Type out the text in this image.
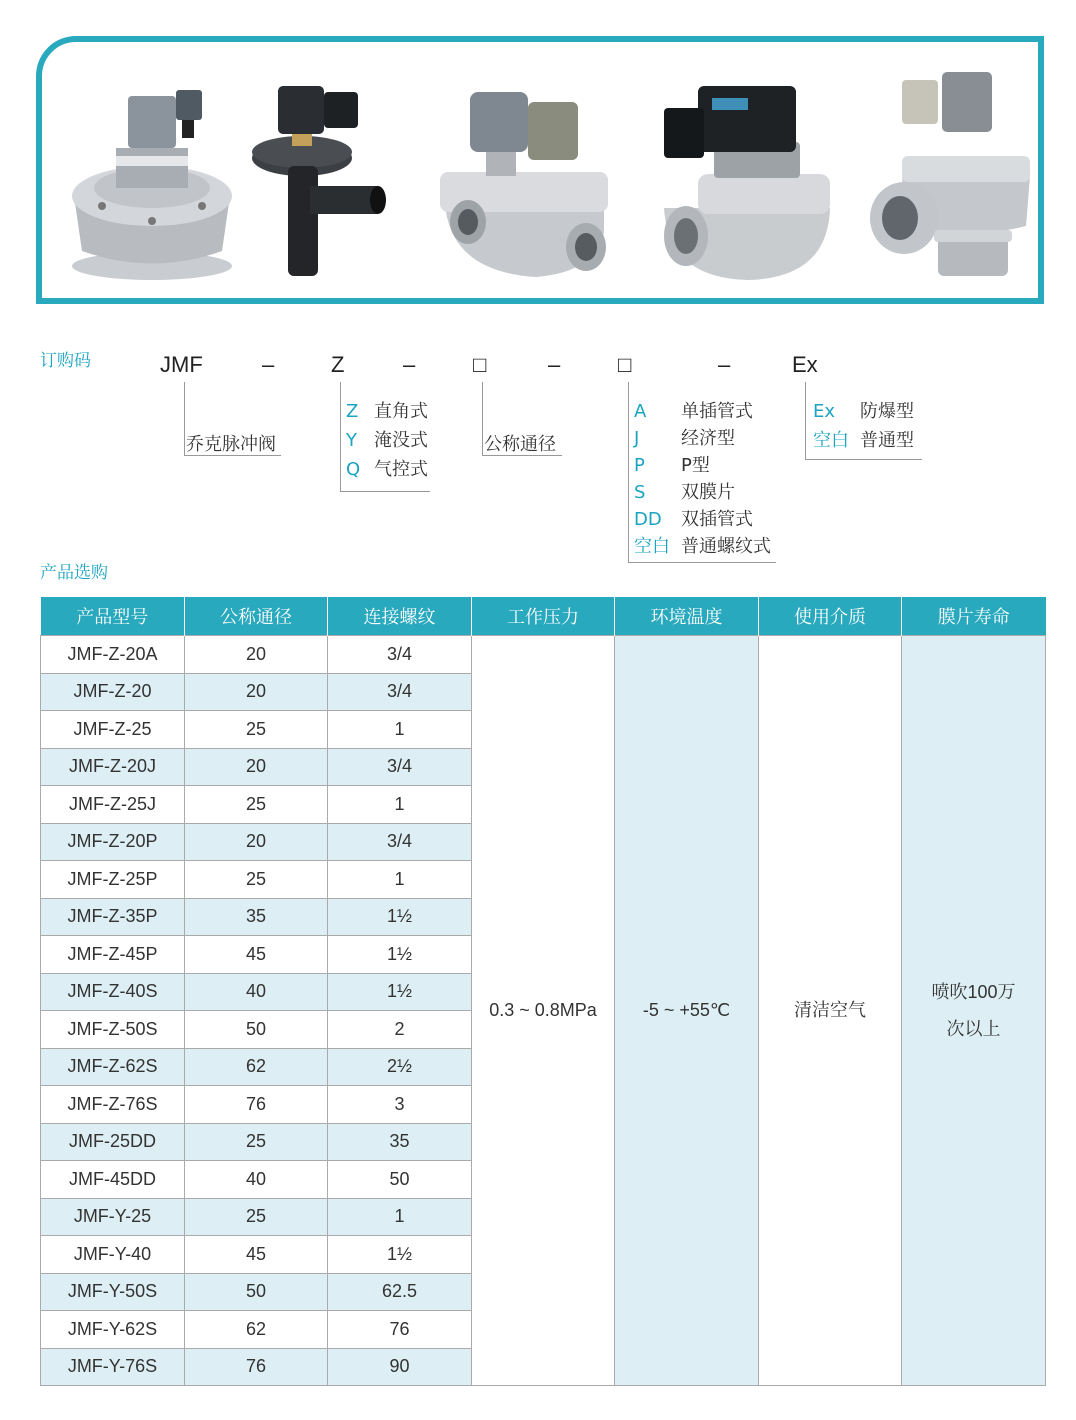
订购码	JMF	–	Z	–	□	–	□	–	Ex
乔克脉冲阀	公称通径
Z 直角式
Y 淹没式
Q 气控式
A 单插管式
J 经济型
P P型
S 双膜片
DD 双插管式
空白 普通螺纹式
Ex 防爆型
空白 普通型
产品选购
产品型号	公称通径	连接螺纹	工作压力	环境温度	使用介质	膜片寿命
JMF-Z-20A	20	3/4	0.3 ~ 0.8MPa	-5 ~ +55℃	清洁空气	喷吹100万
次以上

JMF-Z-20	20	3/4				
JMF-Z-25	25	1				
JMF-Z-20J	20	3/4				
JMF-Z-25J	25	1				
JMF-Z-20P	20	3/4				
JMF-Z-25P	25	1				
JMF-Z-35P	35	1½				
JMF-Z-45P	45	1½				
JMF-Z-40S	40	1½				
JMF-Z-50S	50	2				
JMF-Z-62S	62	2½				
JMF-Z-76S	76	3				
JMF-25DD	25	35				
JMF-45DD	40	50				
JMF-Y-25	25	1				
JMF-Y-40	45	1½				
JMF-Y-50S	50	62.5				
JMF-Y-62S	62	76				
JMF-Y-76S	76	90				
